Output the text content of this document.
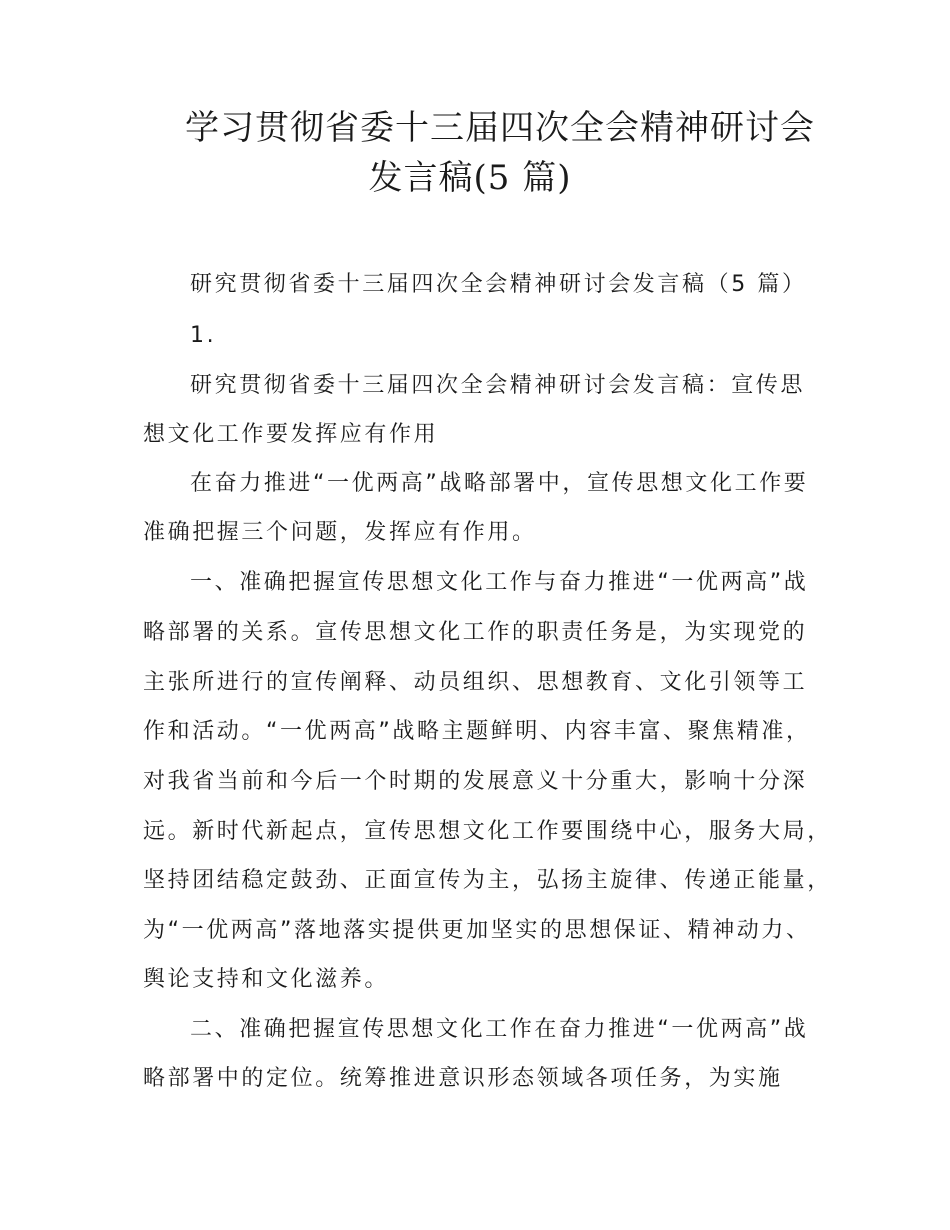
学习贯彻省委十三届四次全会精神研讨会
发言稿(5 篇)
研究贯彻省委十三届四次全会精神研讨会发言稿（5 篇）
1.
研究贯彻省委十三届四次全会精神研讨会发言稿：宣传思
想文化工作要发挥应有作用
在奋力推进“一优两高”战略部署中，宣传思想文化工作要
准确把握三个问题，发挥应有作用。
一、准确把握宣传思想文化工作与奋力推进“一优两高”战
略部署的关系。宣传思想文化工作的职责任务是，为实现党的
主张所进行的宣传阐释、动员组织、思想教育、文化引领等工
作和活动。“一优两高”战略主题鲜明、内容丰富、聚焦精准，
对我省当前和今后一个时期的发展意义十分重大，影响十分深
远。新时代新起点，宣传思想文化工作要围绕中心，服务大局，
坚持团结稳定鼓劲、正面宣传为主，弘扬主旋律、传递正能量，
为“一优两高”落地落实提供更加坚实的思想保证、精神动力、
舆论支持和文化滋养。
二、准确把握宣传思想文化工作在奋力推进“一优两高”战
略部署中的定位。统筹推进意识形态领域各项任务，为实施
